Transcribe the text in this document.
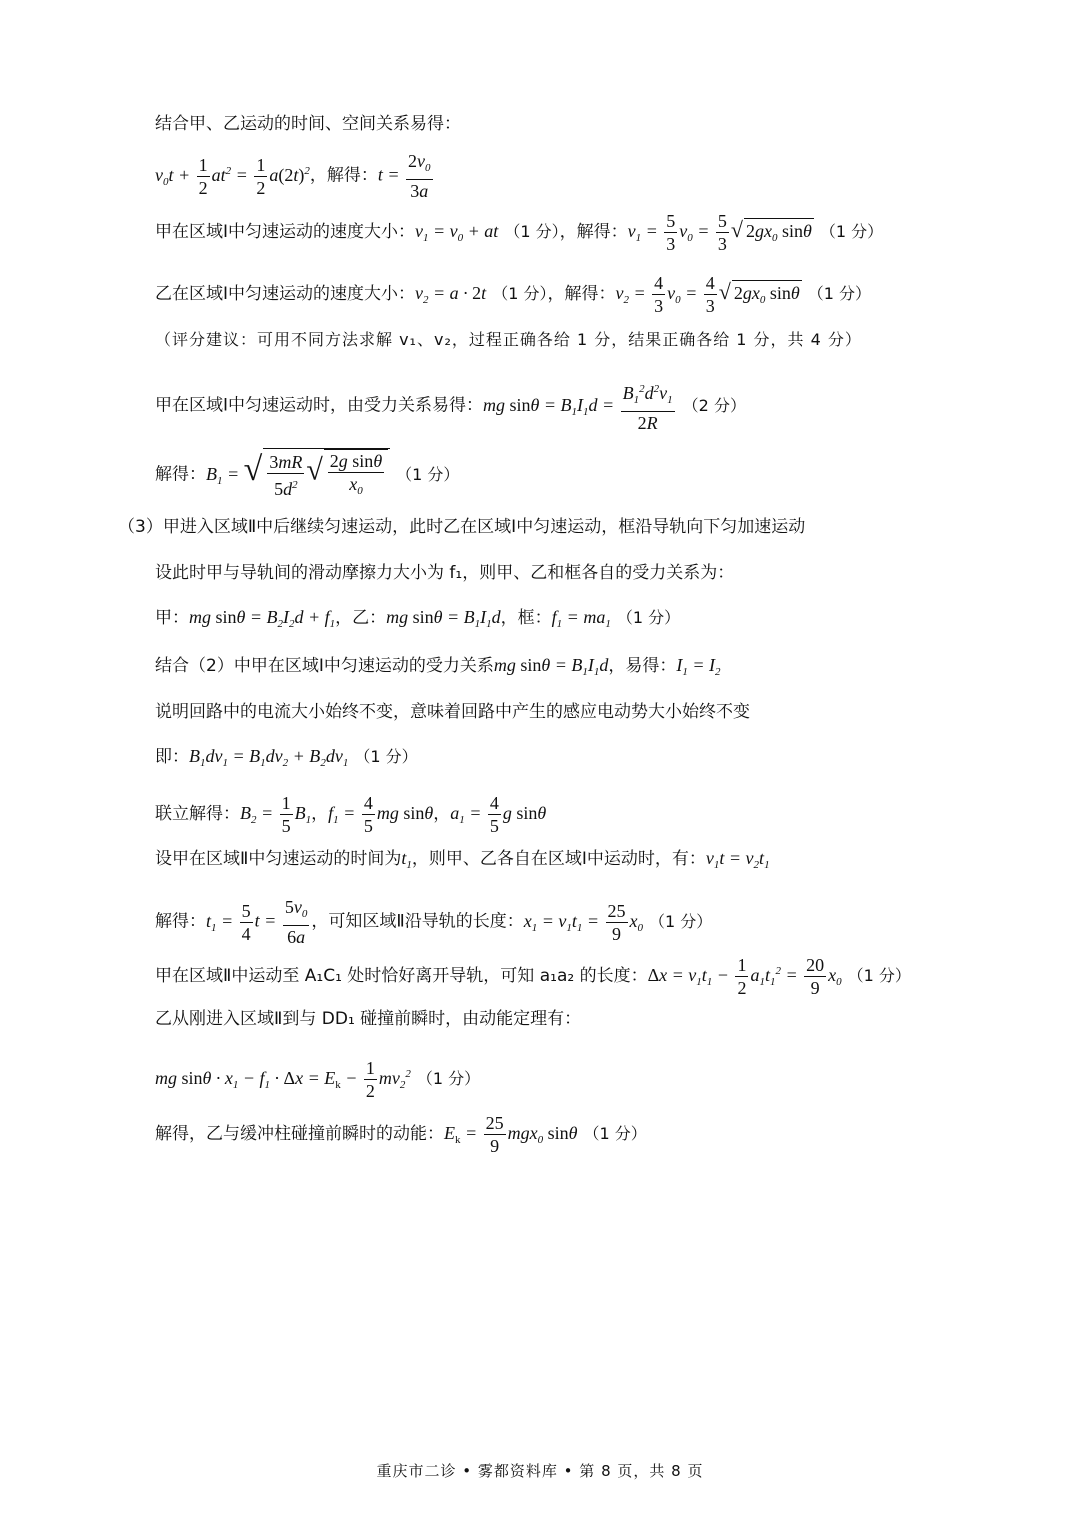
结合甲、乙运动的时间、空间关系易得：
$v_0t + \frac{1}{2} at^2 = \frac{1}{2} a(2t)^2$，解得：$t = \frac{2v_0}{3a}$
甲在区域Ⅰ中匀速运动的速度大小：$v_1 = v_0$ + at （1 分），解得：$v_1 = \frac{5}{3} v_0 = \frac{5}{3}$ √ $2gx_0$ sinθ （1 分）
乙在区域Ⅰ中匀速运动的速度大小：$v_2 = a \cdot 2t$ （1 分），解得：$v_2 = \frac{4}{3} v_0 = \frac{4}{3}$ √ $2gx_0$ sinθ （1 分）
（评分建议：可用不同方法求解 v₁、v₂，过程正确各给 1 分，结果正确各给 1 分，共 4 分）
甲在区域Ⅰ中匀速运动时，由受力关系易得：mg $\sin\theta = B_1I_1d = \frac{B_1^2d^2v_1}{2R} (2$ 分）
解得：$B_1$ = √ $\frac{3mR}{5d^2}$ √ $\frac{\text{2g sinθ}}{x_0} (1$ 分）
（3）甲进入区域Ⅱ中后继续匀速运动，此时乙在区域Ⅰ中匀速运动，框沿导轨向下匀加速运动
设此时甲与导轨间的滑动摩擦力大小为 f₁，则甲、乙和框各自的受力关系为：
甲：mg $\sin\theta = B_2I_2d + f_1$，乙：mg $\sin\theta = B_1I_1d$，框：$f_1 = ma_1$ （1 分）
结合（2）中甲在区域Ⅰ中匀速运动的受力关系mg $\sin\theta = B_1I_1d$，易得：$I_1 = I_2$
说明回路中的电流大小始终不变，意味着回路中产生的感应电动势大小始终不变
即：$B_1dv_1 = B_1dv_2 + B_2dv_1$ （1 分）
联立解得：$B_2 = \frac{1}{5} B_1$，$f_1 = \frac{4}{5}$ mg sinθ，$a_1 = \frac{4}{5}$ g sinθ
设甲在区域Ⅱ中匀速运动的时间为$t_1$，则甲、乙各自在区域Ⅰ中运动时，有：$v_1t = v_2t_1$
解得：$t_1 = \frac{5}{4}$ $t = \frac{5v_0}{6a}$ ，可知区域Ⅱ沿导轨的长度：$x_1 = v_1t_1 = \frac{25}{9} x_0$ （1 分）
甲在区域Ⅱ中运动至 A₁C₁ 处时恰好离开导轨，可知 a₁a₂ 的长度：$\Delta x = v_1t_1 - \frac{1}{2} a_1t_1^2 = \frac{20}{9} x_0$ （1 分）
乙从刚进入区域Ⅱ到与 DD₁ 碰撞前瞬时，由动能定理有：
mg $\sin\theta \cdot x_1 - f_1 \cdot \Delta x = E_k - \frac{1}{2} mv_2^2$ （1 分）
解得，乙与缓冲柱碰撞前瞬时的动能：$E_k = \frac{25}{9} mgx_0$ sinθ （1 分）
重庆市二诊 • 雾都资料库 • 第 8 页，共 8 页
